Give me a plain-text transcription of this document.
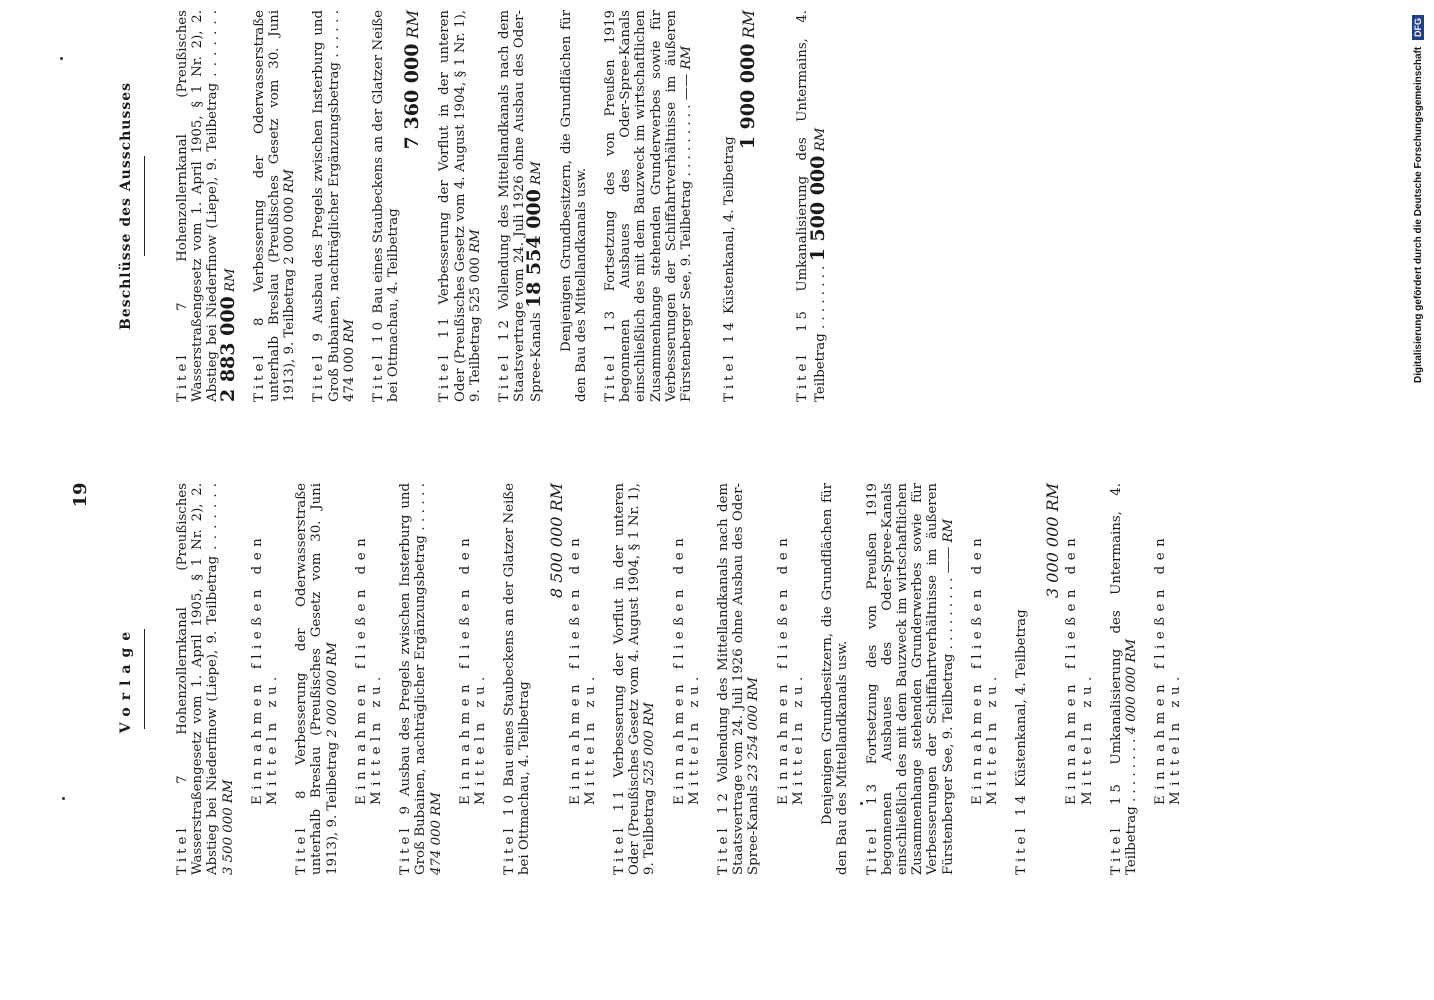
19
Vorlage
Titel 7 Hohenzollernkanal (Preußisches Wasserstraßengesetz vom 1. April 1905, § 1 Nr. 2), 2. Abstieg bei Niederfinow (Liepe), 9. Teilbetrag . . . . . . . 3 500 000 RM Einnahmen fließen den Mitteln zu.
Titel 8 Verbesserung der Oderwasserstraße unterhalb Breslau (Preußisches Gesetz vom 30. Juni 1913), 9. Teilbetrag 2 000 000 RM Einnahmen fließen den Mitteln zu.
Titel 9 Ausbau des Pregels zwischen Insterburg und Groß Bubainen, nachträglicher Ergänzungsbetrag . . . . . . 474 000 RM Einnahmen fließen den Mitteln zu.
Titel 10 Bau eines Staubeckens an der Glatzer Neiße bei Ottmachau, 4. Teilbetrag
8 500 000 RM
Einnahmen fließen den Mitteln zu.
Titel 11 Verbesserung der Vorflut in der unteren Oder (Preußisches Gesetz vom 4. August 1904, § 1 Nr. 1), 9. Teilbetrag 525 000 RM Einnahmen fließen den Mitteln zu.
Titel 12 Vollendung des Mittellandkanals nach dem Staatsvertrage vom 24. Juli 1926 ohne Ausbau des Oder-Spree-Kanals 23 254 000 RM Einnahmen fließen den Mitteln zu. Denjenigen Grundbesitzern, die Grundflächen für den Bau des Mittellandkanals usw. Titel 13 Fortsetzung des von Preußen 1919 begonnenen Ausbaues des Oder-Spree-Kanals einschließlich des mit dem Bauzweck im wirtschaftlichen Zusammenhange stehenden Grunderwerbes sowie für Verbesserungen der Schiffahrtverhältnisse im äußeren Fürstenberger See, 9. Teilbetrag . . . . . . . . . —— RM
Einnahmen fließen den Mitteln zu.
Titel 14 Küstenkanal, 4. Teilbetrag
3 000 000 RM
Einnahmen fließen den Mitteln zu.
Titel 15 Umkanalisierung des Untermains, 4. Teilbetrag . . . . . . . . 4 000 000 RM Einnahmen fließen den Mitteln zu.
Beschlüsse des Ausschusses
Titel 7 Hohenzollernkanal (Preußisches Wasserstraßengesetz vom 1. April 1905, § 1 Nr. 2), 2. Abstieg bei Niederfinow (Liepe), 9. Teilbetrag . . . . . . . 2 883 000 RM
Titel 8 Verbesserung der Oderwasserstraße unterhalb Breslau (Preußisches Gesetz vom 30. Juni 1913), 9. Teilbetrag 2 000 000 RM
Titel 9 Ausbau des Pregels zwischen Insterburg und Groß Bubainen, nachträglicher Ergänzungsbetrag . . . . . . 474 000 RM Titel 10 Bau eines Staubeckens an der Glatzer Neiße bei Ottmachau, 4. Teilbetrag
7 360 000 RM
Titel 11 Verbesserung der Vorflut in der unteren Oder (Preußisches Gesetz vom 4. August 1904, § 1 Nr. 1), 9. Teilbetrag 525 000 RM
Titel 12 Vollendung des Mittellandkanals nach dem Staatsvertrage vom 24. Juli 1926 ohne Ausbau des Oder-Spree-Kanals 18 554 000 RM Denjenigen Grundbesitzern, die Grundflächen für den Bau des Mittellandkanals usw. Titel 13 Fortsetzung des von Preußen 1919 begonnenen Ausbaues des Oder-Spree-Kanals einschließlich des mit dem Bauzweck im wirtschaftlichen Zusammenhange stehenden Grunderwerbes sowie für Verbesserungen der Schiffahrtverhältnisse im äußeren Fürstenberger See, 9. Teilbetrag . . . . . . . . . —— RM
Titel 14 Küstenkanal, 4. Teilbetrag
1 900 000 RM
Titel 15 Umkanalisierung des Untermains, 4. Teilbetrag . . . . . . . . 1 500 000 RM	Digitalisierung gefördert durch die Deutsche Forschungsgemeinschaft DFG
